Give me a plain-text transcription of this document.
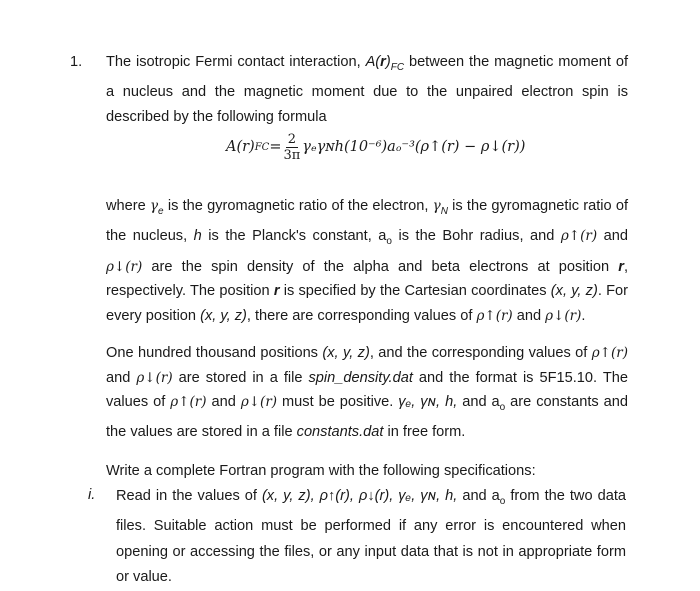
1. The isotropic Fermi contact interaction, $A(r)_{FC}$ between the magnetic moment of a nucleus and the magnetic moment due to the unpaired electron spin is described by the following formula
A(r) FC = $\frac{2}{3\pi}$ γₑγɴh(10⁻⁶)aₒ⁻³(ρ↑(r) − ρ↓(r))
where $\gamma_e$ is the gyromagnetic ratio of the electron, $\gamma_N$ is the gyromagnetic ratio of the nucleus, h is the Planck's constant, $a_o$ is the Bohr radius, and ρ↑(r) and ρ↓(r) are the spin density of the alpha and beta electrons at position r, respectively. The position r is specified by the Cartesian coordinates (x, y, z). For every position (x, y, z), there are corresponding values of ρ↑(r) and ρ↓(r).
One hundred thousand positions (x, y, z), and the corresponding values of ρ↑(r) and ρ↓(r) are stored in a file spin_density.dat and the format is 5F15.10. The values of ρ↑(r) and ρ↓(r) must be positive. γₑ, γɴ, h, and $a_o$ are constants and the values are stored in a file constants.dat in free form.
Write a complete Fortran program with the following specifications:
i. Read in the values of (x, y, z), ρ↑(r), ρ↓(r), γₑ, γɴ, h, and $a_o$ from the two data files. Suitable action must be performed if any error is encountered when opening or accessing the files, or any input data that is not in appropriate form or value.
